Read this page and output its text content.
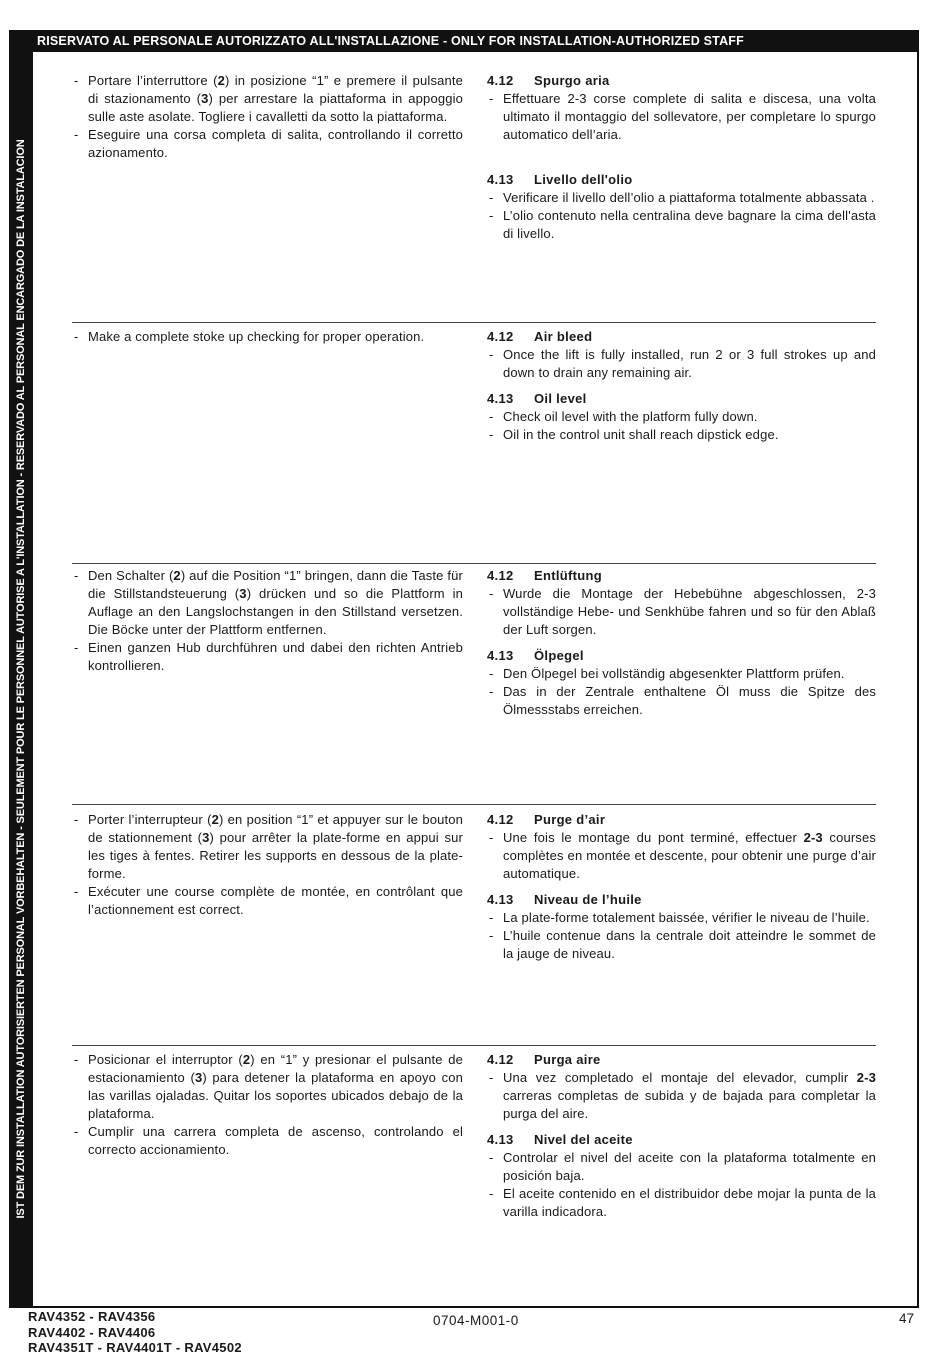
RISERVATO AL PERSONALE AUTORIZZATO ALL'INSTALLAZIONE - ONLY FOR INSTALLATION-AUTHORIZED STAFF
IST DEM ZUR INSTALLATION AUTORISIERTEN PERSONAL VORBEHALTEN - SEULEMENT POUR LE PERSONNEL AUTORISE A L'INSTALLATION - RESERVADO AL PERSONAL ENCARGADO DE LA INSTALACION
- Portare l’interruttore (2) in posizione “1” e premere il pulsante di stazionamento (3) per arrestare la piattaforma in appoggio sulle aste asolate. Togliere i cavalletti da sotto la piattaforma.
- Eseguire una corsa completa di salita, controllando il corretto azionamento.
4.12 Spurgo aria
- Effettuare 2-3 corse complete di salita e discesa, una volta ultimato il montaggio del sollevatore, per completare lo spurgo automatico dell’aria.
4.13 Livello dell'olio
- Verificare il livello dell’olio a piattaforma totalmente abbassata .
- L’olio contenuto nella centralina deve bagnare la cima dell'asta di livello.
- Make a complete stoke up checking for proper operation.	4.12 Air bleed
- Once the lift is fully installed, run 2 or 3 full strokes up and down to drain any remaining air.
4.13 Oil level
- Check oil level with the platform fully down.
- Oil in the control unit shall reach dipstick edge.
- Den Schalter (2) auf die Position “1” bringen, dann die Taste für die Stillstandsteuerung (3) drücken und so die Plattform in Auflage an den Langslochstangen in den Stillstand versetzen. Die Böcke unter der Plattform entfernen.
- Einen ganzen Hub durchführen und dabei den richten Antrieb kontrollieren.
4.12 Entlüftung
- Wurde die Montage der Hebebühne abgeschlossen, 2-3 vollständige Hebe- und Senkhübe fahren und so für den Ablaß der Luft sorgen.
4.13 Ölpegel
- Den Ölpegel bei vollständig abgesenkter Plattform prüfen.
- Das in der Zentrale enthaltene Öl muss die Spitze des Ölmessstabs erreichen.
- Porter l’interrupteur (2) en position “1” et appuyer sur le bouton de stationnement (3) pour arrêter la plate-forme en appui sur les tiges à fentes. Retirer les supports en dessous de la plate-forme.
- Exécuter une course complète de montée, en contrôlant que l’actionnement est correct.
4.12 Purge d’air
- Une fois le montage du pont terminé, effectuer 2-3 courses complètes en montée et descente, pour obtenir une purge d’air automatique.
4.13 Niveau de l’huile
- La plate-forme totalement baissée, vérifier le niveau de l’huile.
- L’huile contenue dans la centrale doit atteindre le sommet de la jauge de niveau.
- Posicionar el interruptor (2) en “1” y presionar el pulsante de estacionamiento (3) para detener la plataforma en apoyo con las varillas ojaladas. Quitar los soportes ubicados debajo de la plataforma.
- Cumplir una carrera completa de ascenso, controlando el correcto accionamiento.
4.12 Purga aire
- Una vez completado el montaje del elevador, cumplir 2-3 carreras completas de subida y de bajada para completar la purga del aire.
4.13 Nivel del aceite
- Controlar el nivel del aceite con la plataforma totalmente en posición baja.
- El aceite contenido en el distribuidor debe mojar la punta de la varilla indicadora.
RAV4352 - RAV4356
RAV4402 - RAV4406
RAV4351T - RAV4401T - RAV4502
0704-M001-0	47
